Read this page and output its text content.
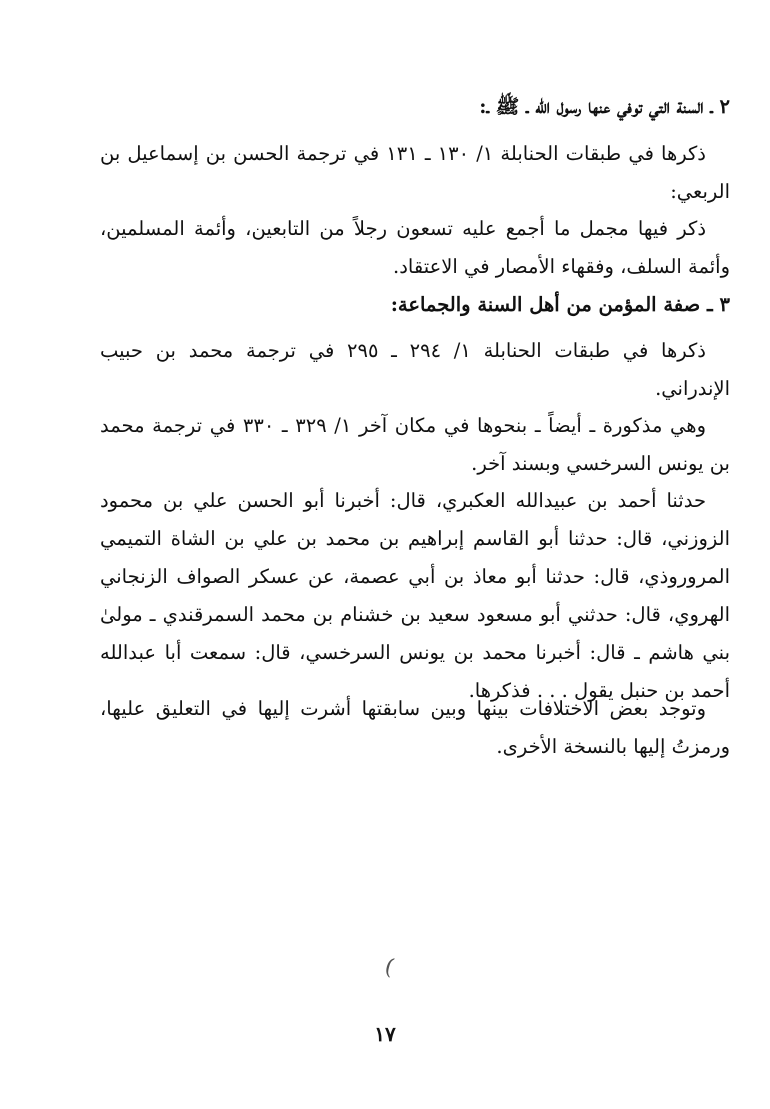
٢ ـ السنة التي توفي عنها رسول الله ـ ﷺ ـ:

ذكرها في طبقات الحنابلة ١/ ١٣٠ ـ ١٣١ في ترجمة الحسن بن إسماعيل بن الربعي:

ذكر فيها مجمل ما أجمع عليه تسعون رجلاً من التابعين، وأئمة المسلمين، وأئمة السلف، وفقهاء الأمصار في الاعتقاد.

٣ ـ صفة المؤمن من أهل السنة والجماعة:

ذكرها في طبقات الحنابلة ١/ ٢٩٤ ـ ٢٩٥ في ترجمة محمد بن حبيب الإندراني.

وهي مذكورة ـ أيضاً ـ بنحوها في مكان آخر ١/ ٣٢٩ ـ ٣٣٠ في ترجمة محمد بن يونس السرخسي وبسند آخر.

حدثنا أحمد بن عبيدالله العكبري، قال: أخبرنا أبو الحسن علي بن محمود الزوزني، قال: حدثنا أبو القاسم إبراهيم بن محمد بن علي بن الشاة التميمي المروروذي، قال: حدثنا أبو معاذ بن أبي عصمة، عن عسكر الصواف الزنجاني الهروي، قال: حدثني أبو مسعود سعيد بن خشنام بن محمد السمرقندي ـ مولىٰ بني هاشم ـ قال: أخبرنا محمد بن يونس السرخسي، قال: سمعت أبا عبدالله أحمد بن حنبل يقول . . . فذكرها.

وتوجد بعض الاختلافات بينها وبين سابقتها أشرت إليها في التعليق عليها، ورمزتُ إليها بالنسخة الأخرى.

(
١٧
